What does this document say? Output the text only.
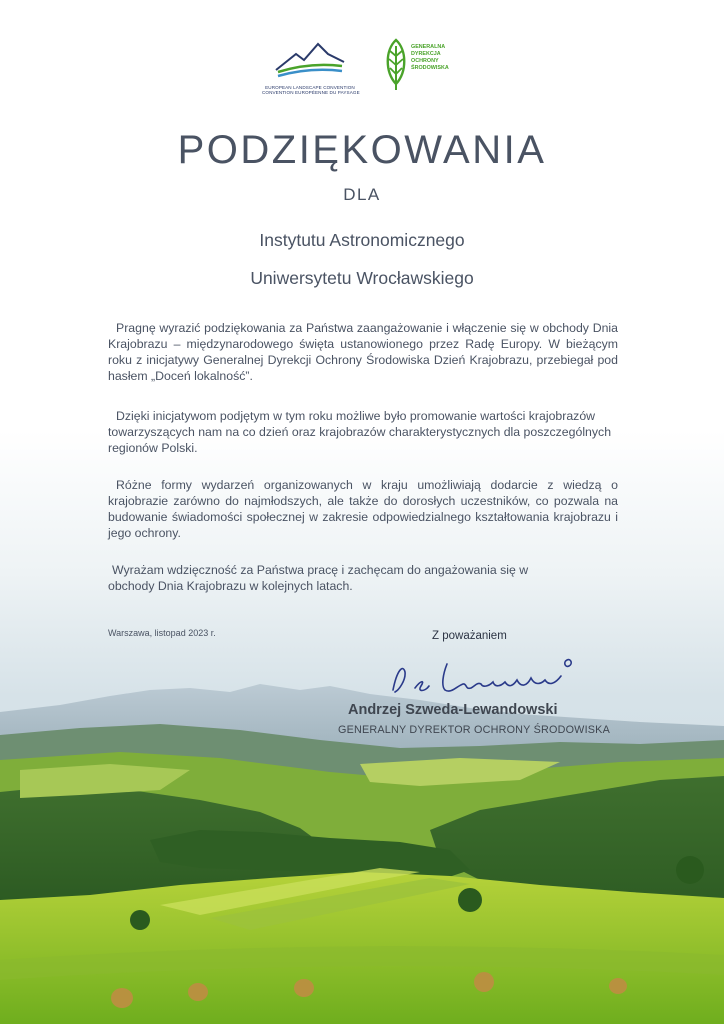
EUROPEAN LANDSCAPE CONVENTION
CONVENTION EUROPÉENNE DU PAYSAGE
GENERALNA
DYREKCJA
OCHRONY
ŚRODOWISKA
PODZIĘKOWANIA
DLA
Instytutu Astronomicznego
Uniwersytetu Wrocławskiego
Pragnę wyrazić podziękowania za Państwa zaangażowanie i włączenie się w obchody Dnia Krajobrazu – międzynarodowego święta ustanowionego przez Radę Europy. W bieżącym roku z inicjatywy Generalnej Dyrekcji Ochrony Środowiska Dzień Krajobrazu, przebiegał pod hasłem „Doceń lokalność”.
Dzięki inicjatywom podjętym w tym roku możliwe było promowanie wartości krajobrazów towarzyszących nam na co dzień oraz krajobrazów charakterystycznych dla poszczególnych regionów Polski.
Różne formy wydarzeń organizowanych w kraju umożliwiają dodarcie z wiedzą o krajobrazie zarówno do najmłodszych, ale także do dorosłych uczestników, co pozwala na budowanie świadomości społecznej w zakresie odpowiedzialnego kształtowania krajobrazu i jego ochrony.
Wyrażam wdzięczność za Państwa pracę i zachęcam do angażowania się w obchody Dnia Krajobrazu w kolejnych latach.
Warszawa, listopad 2023 r.	Z poważaniem
Andrzej Szweda-Lewandowski
GENERALNY DYREKTOR OCHRONY ŚRODOWISKA
